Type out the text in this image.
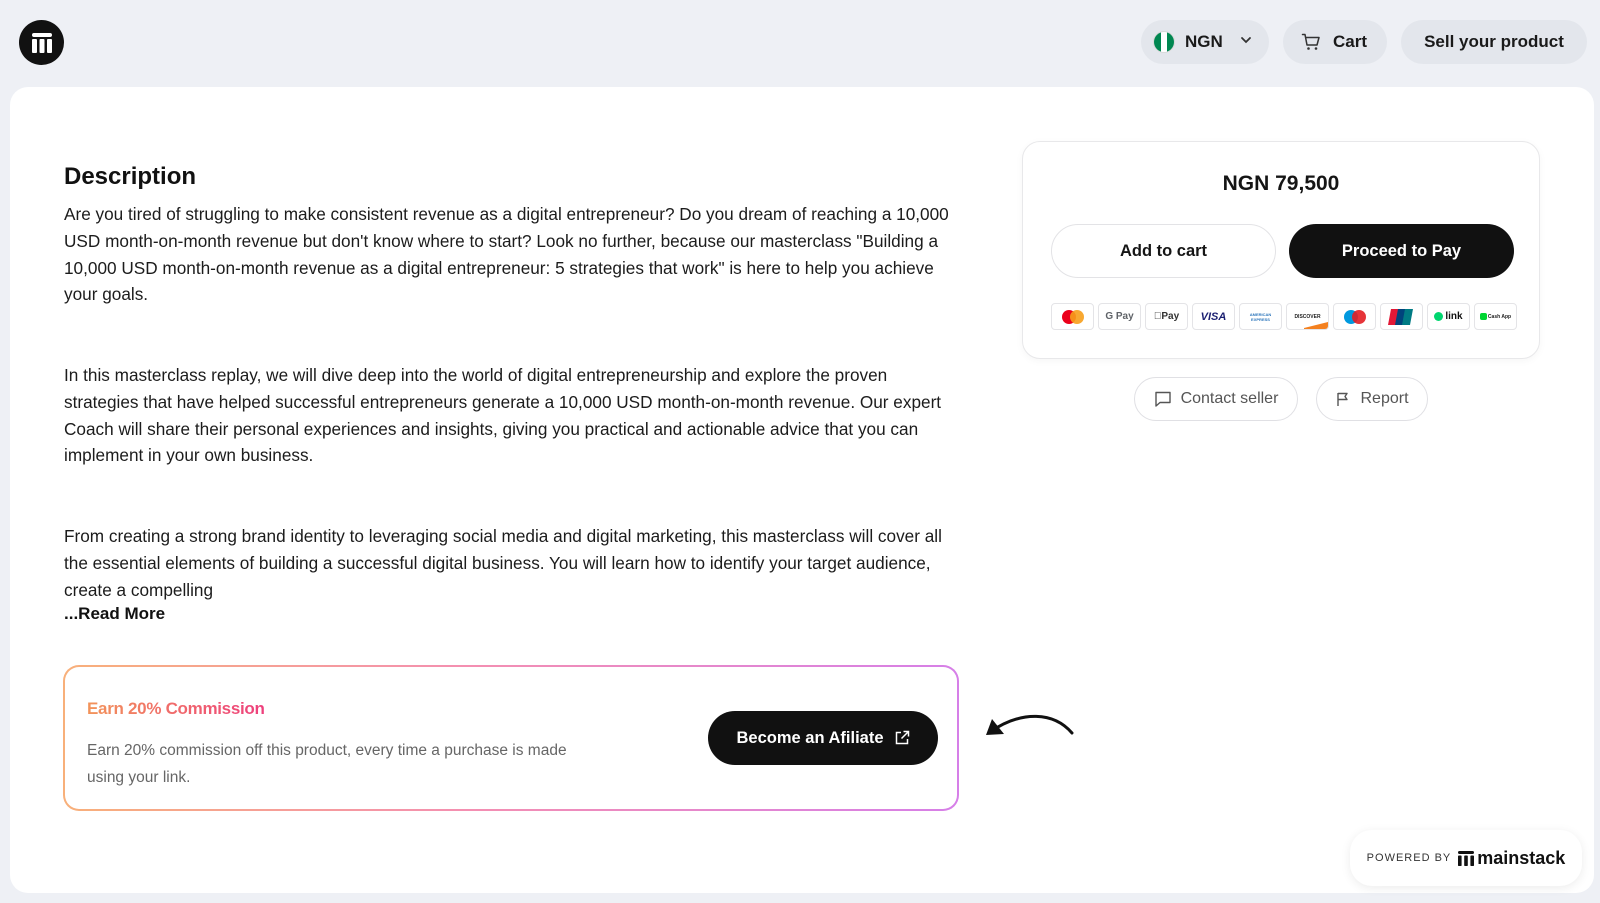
NGN	Cart	Sell your product
Description

Are you tired of struggling to make consistent revenue as a digital entrepreneur? Do you dream of reaching a 10,000 USD month-on-month revenue but don't know where to start? Look no further, because our masterclass "Building a 10,000 USD month-on-month revenue as a digital entrepreneur: 5 strategies that work" is here to help you achieve your goals.

In this masterclass replay, we will dive deep into the world of digital entrepreneurship and explore the proven strategies that have helped successful entrepreneurs generate a 10,000 USD month-on-month revenue. Our expert Coach will share their personal experiences and insights, giving you practical and actionable advice that you can implement in your own business.

From creating a strong brand identity to leveraging social media and digital marketing, this masterclass will cover all the essential elements of building a successful digital business. You will learn how to identify your target audience, create a compelling

...Read More
Earn 20% Commission
Earn 20% commission off this product, every time a purchase is made using your link.
Become an Afiliate
NGN 79,500
Add to cart	Proceed to Pay
G Pay Pay VISA	AMERICAN EXPRESS	DISCOVER	link	Cash App
Contact seller	Report
POWERED BY mainstack
